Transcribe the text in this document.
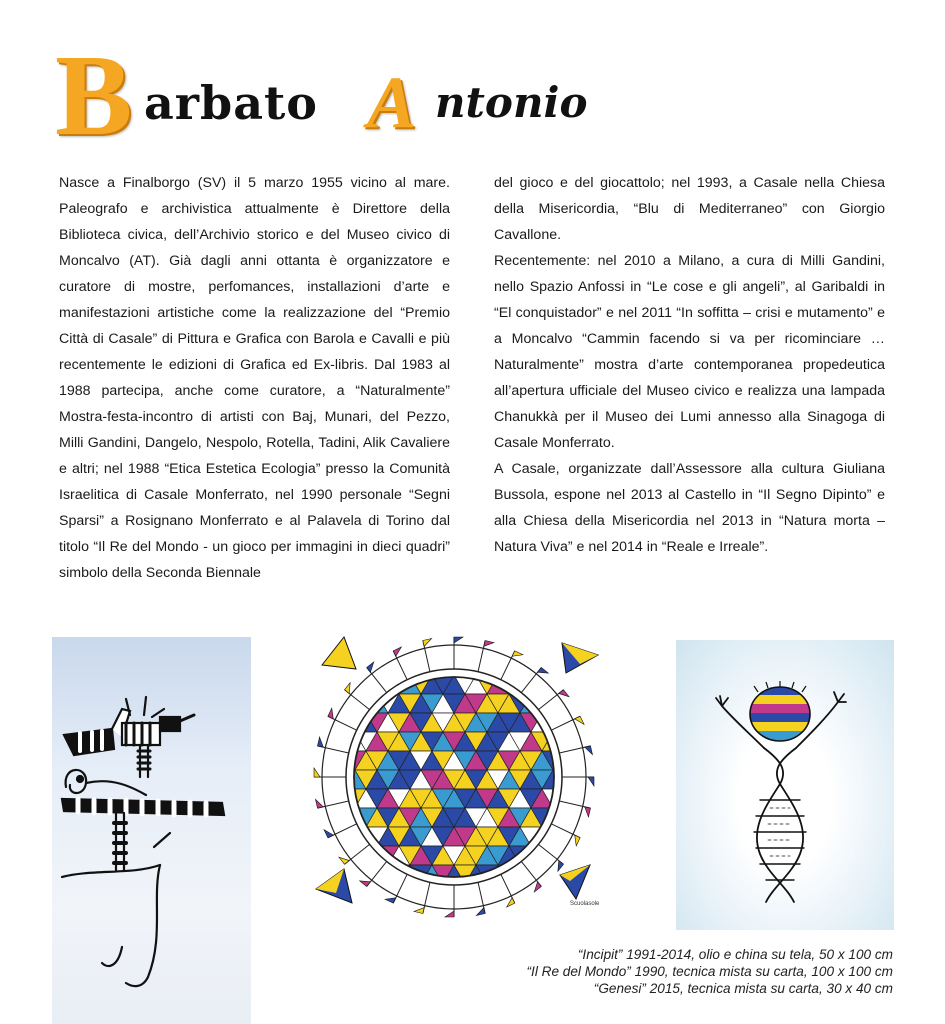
B arbato A ntonio

Nasce a Finalborgo (SV) il 5 marzo 1955 vicino al mare. Paleografo e archivistica attualmente è Direttore della Biblioteca civica, dell’Archivio storico e del Museo civico di Moncalvo (AT). Già dagli anni ottanta è organizzatore e curatore di mostre, perfomances, installazioni d’arte e manifestazioni artistiche come la realizzazione del “Premio Città di Casale” di Pittura e Grafica con Barola e Cavalli e più recentemente le edizioni di Grafica ed Ex-libris. Dal 1983 al 1988 partecipa, anche come curatore, a “Naturalmente” Mostra-festa-incontro di artisti con Baj, Munari, del Pezzo, Milli Gandini, Dangelo, Nespolo, Rotella, Tadini, Alik Cavaliere e altri; nel 1988 “Etica Estetica Ecologia” presso la Comunità Israelitica di Casale Monferrato, nel 1990 personale “Segni Sparsi” a Rosignano Monferrato e al Palavela di Torino dal titolo “Il Re del Mondo - un gioco per immagini in dieci quadri” simbolo della Seconda Biennale

del gioco e del giocattolo; nel 1993, a Casale nella Chiesa della Misericordia, “Blu di Mediterraneo” con Giorgio Cavallone.

Recentemente: nel 2010 a Milano, a cura di Milli Gandini, nello Spazio Anfossi in “Le cose e gli angeli”, al Garibaldi in “El conquistador” e nel 2011 “In soffitta – crisi e mutamento” e a Moncalvo “Cammin facendo si va per ricominciare … Naturalmente” mostra d’arte contemporanea propedeutica all’apertura ufficiale del Museo civico e realizza una lampada Chanukkà per il Museo dei Lumi annesso alla Sinagoga di Casale Monferrato.

A Casale, organizzate dall’Assessore alla cultura Giuliana Bussola, espone nel 2013 al Castello in “Il Segno Dipinto” e alla Chiesa della Misericordia nel 2013 in “Natura morta – Natura Viva” e nel 2014 in “Reale e Irreale”.

Scuolasole
“Incipit” 1991-2014, olio e china su tela, 50 x 100 cm
“Il Re del Mondo” 1990, tecnica mista su carta, 100 x 100 cm
“Genesi” 2015, tecnica mista su carta, 30 x 40 cm
